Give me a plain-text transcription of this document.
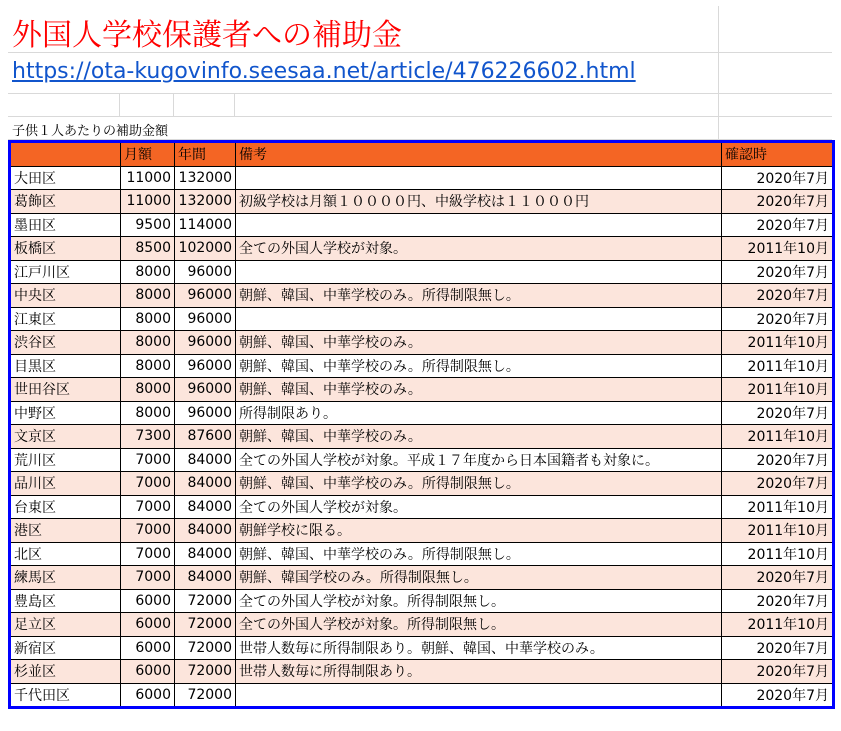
外国人学校保護者への補助金
https://ota-kugovinfo.seesaa.net/article/476226602.html
子供１人あたりの補助金額
	月額	年間	備考	確認時
大田区	11000	132000		2020年7月
葛飾区	11000	132000	初級学校は月額１００００円、中級学校は１１０００円	2020年7月
墨田区	9500	114000		2020年7月
板橋区	8500	102000	全ての外国人学校が対象。	2011年10月
江戸川区	8000	96000		2020年7月
中央区	8000	96000	朝鮮、韓国、中華学校のみ。所得制限無し。	2020年7月
江東区	8000	96000		2020年7月
渋谷区	8000	96000	朝鮮、韓国、中華学校のみ。	2011年10月
目黒区	8000	96000	朝鮮、韓国、中華学校のみ。所得制限無し。	2011年10月
世田谷区	8000	96000	朝鮮、韓国、中華学校のみ。	2011年10月
中野区	8000	96000	所得制限あり。	2020年7月
文京区	7300	87600	朝鮮、韓国、中華学校のみ。	2011年10月
荒川区	7000	84000	全ての外国人学校が対象。平成１７年度から日本国籍者も対象に。	2020年7月
品川区	7000	84000	朝鮮、韓国、中華学校のみ。所得制限無し。	2020年7月
台東区	7000	84000	全ての外国人学校が対象。	2011年10月
港区	7000	84000	朝鮮学校に限る。	2011年10月
北区	7000	84000	朝鮮、韓国、中華学校のみ。所得制限無し。	2011年10月
練馬区	7000	84000	朝鮮、韓国学校のみ。所得制限無し。	2020年7月
豊島区	6000	72000	全ての外国人学校が対象。所得制限無し。	2020年7月
足立区	6000	72000	全ての外国人学校が対象。所得制限無し。	2011年10月
新宿区	6000	72000	世帯人数毎に所得制限あり。朝鮮、韓国、中華学校のみ。	2020年7月
杉並区	6000	72000	世帯人数毎に所得制限あり。	2020年7月
千代田区	6000	72000		2020年7月
